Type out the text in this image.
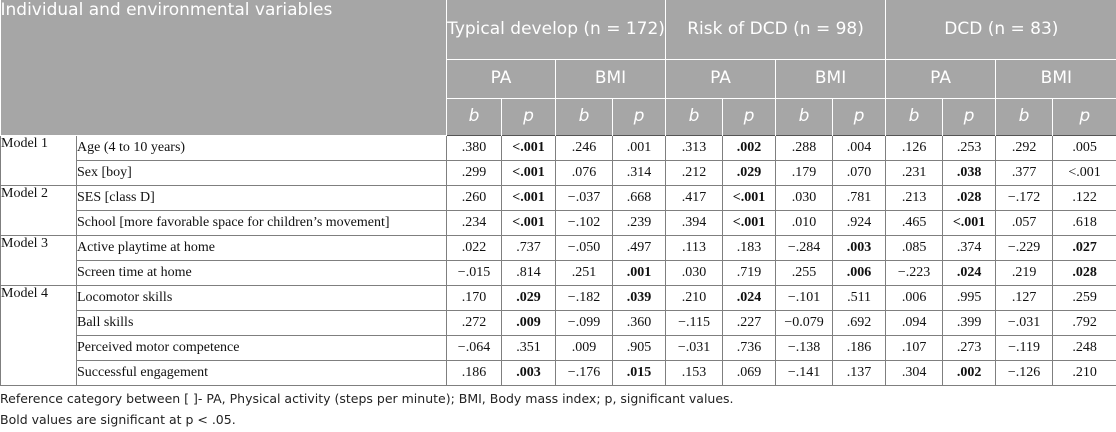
Individual and environmental variables		Typical develop (n = 172)				Risk of DCD (n = 98)				DCD (n = 83)			
		PA		BMI		PA		BMI		PA		BMI	
		b	p	b	p	b	p	b	p	b	p	b	p
Model 1	Age (4 to 10 years)	.380	<.001	.246	.001	.313	.002	.288	.004	.126	.253	.292	.005
	Sex [boy]	.299	<.001	.076	.314	.212	.029	.179	.070	.231	.038	.377	<.001
Model 2	SES [class D]	.260	<.001	−.037	.668	.417	<.001	.030	.781	.213	.028	−.172	.122
	School [more favorable space for children’s movement]	.234	<.001	−.102	.239	.394	<.001	.010	.924	.465	<.001	.057	.618
Model 3	Active playtime at home	.022	.737	−.050	.497	.113	.183	−.284	.003	.085	.374	−.229	.027
	Screen time at home	−.015	.814	.251	.001	.030	.719	.255	.006	−.223	.024	.219	.028
Model 4	Locomotor skills	.170	.029	−.182	.039	.210	.024	−.101	.511	.006	.995	.127	.259
	Ball skills	.272	.009	−.099	.360	−.115	.227	−0.079	.692	.094	.399	−.031	.792
	Perceived motor competence	−.064	.351	.009	.905	−.031	.736	−.138	.186	.107	.273	−.119	.248
	Successful engagement	.186	.003	−.176	.015	.153	.069	−.141	.137	.304	.002	−.126	.210
Reference category between [ ]- PA, Physical activity (steps per minute); BMI, Body mass index; p, significant values.
Bold values are significant at p < .05.
